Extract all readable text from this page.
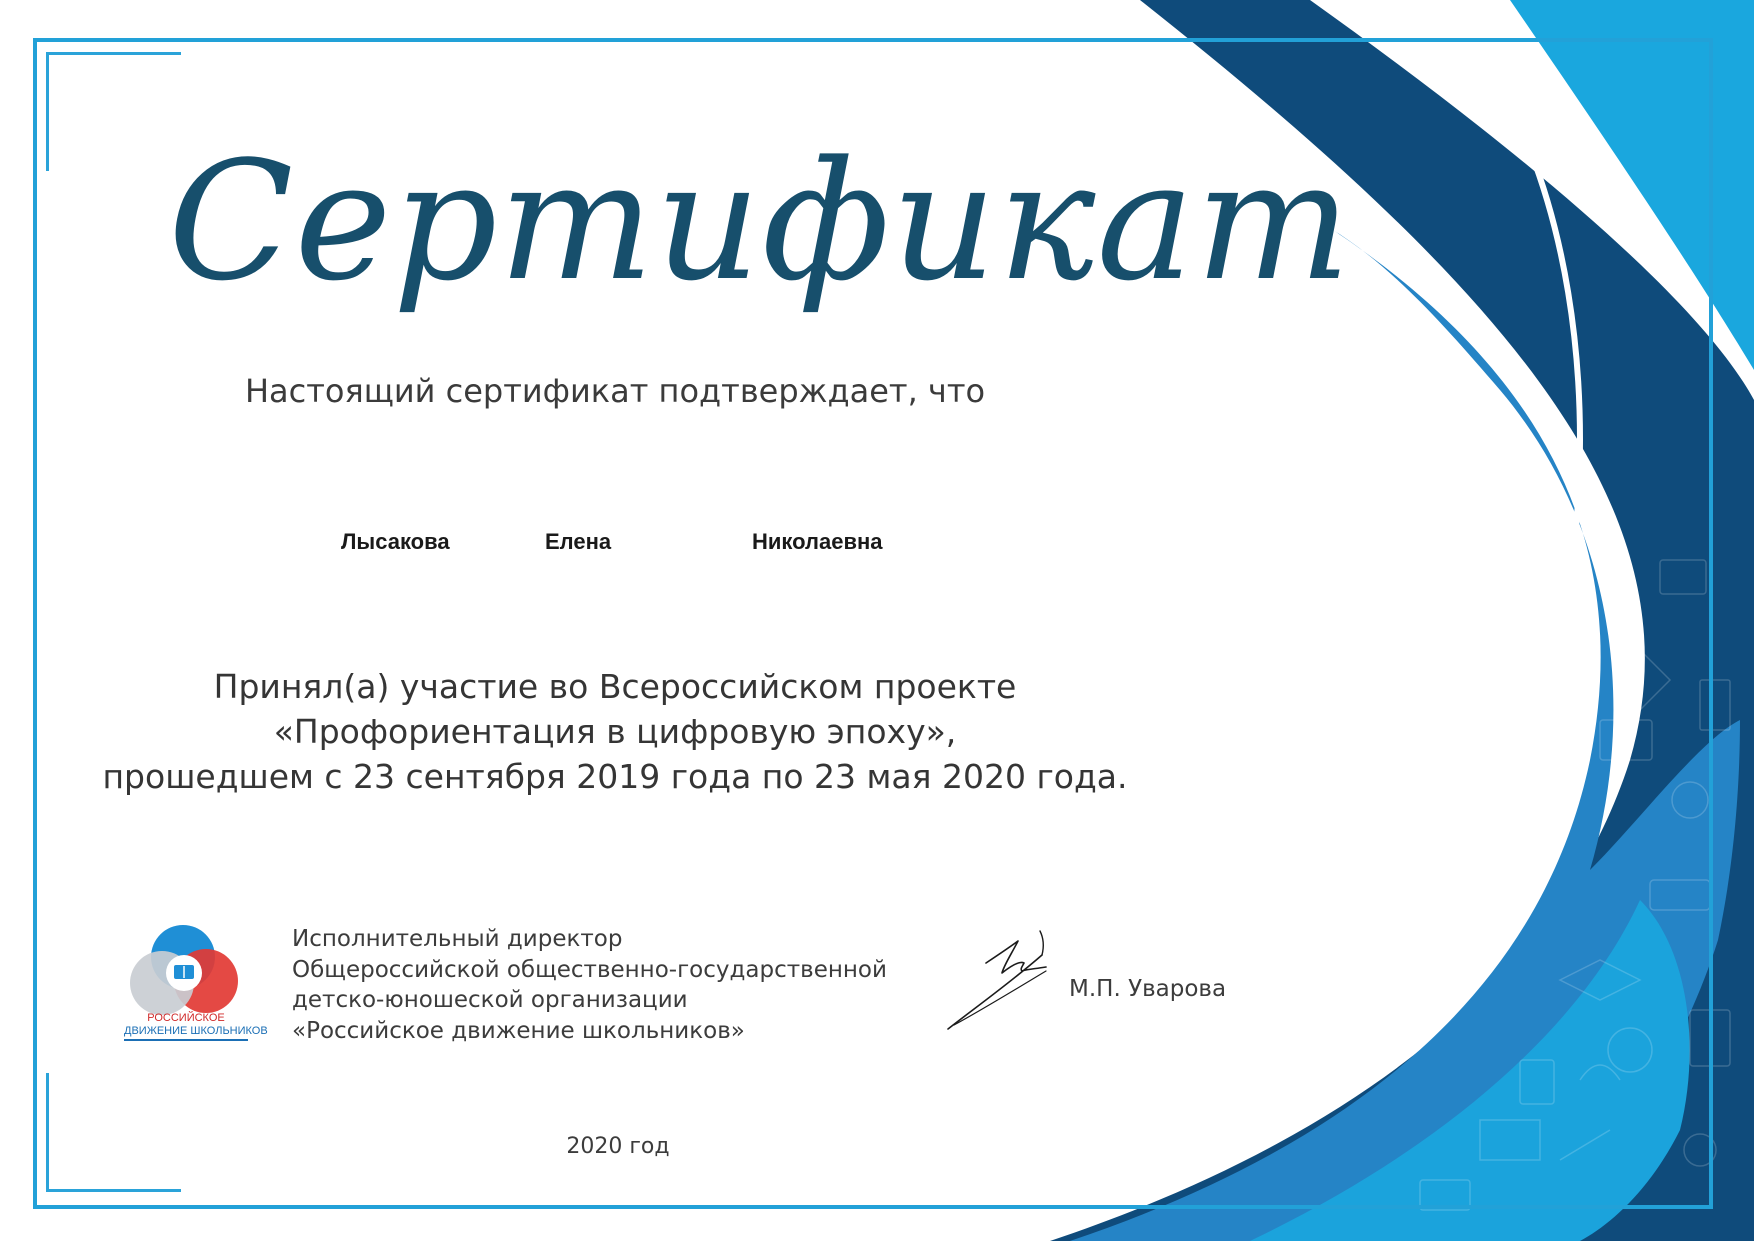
Сертификат
Настоящий сертификат подтверждает, что
Лысакова	Елена	Николаевна
Принял(а) участие во Всероссийском проекте
«Профориентация в цифровую эпоху»,
прошедшем с 23 сентября 2019 года по 23 мая 2020 года.
РОССИЙСКОЕ
ДВИЖЕНИЕ ШКОЛЬНИКОВ
Исполнительный директор
Общероссийской общественно-государственной
детско-юношеской организации
«Российское движение школьников»
М.П. Уварова
2020 год
